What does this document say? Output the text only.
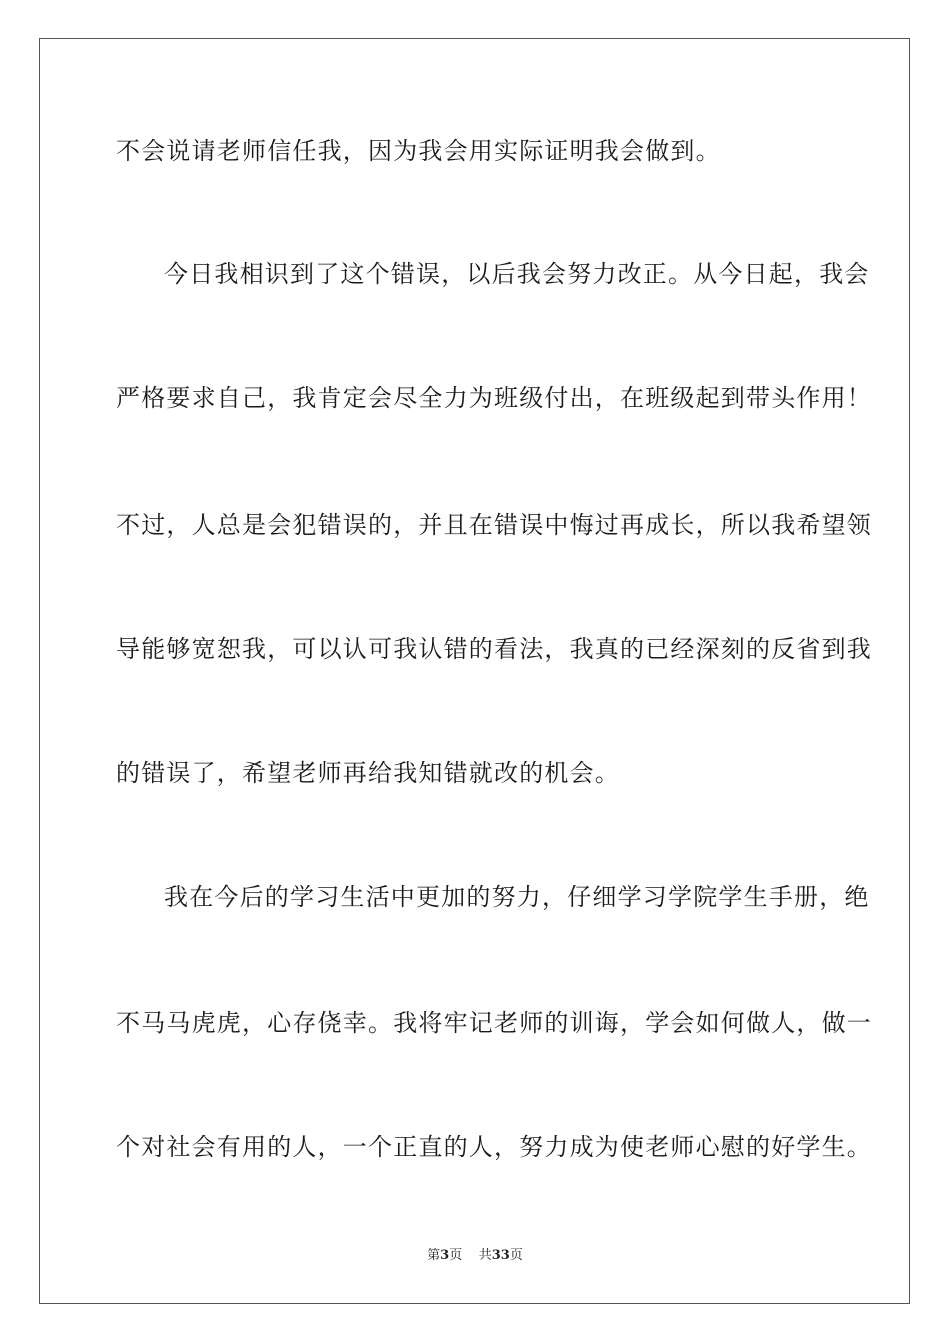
不会说请老师信任我，因为我会用实际证明我会做到。
今日我相识到了这个错误，以后我会努力改正。从今日起，我会
严格要求自己，我肯定会尽全力为班级付出，在班级起到带头作用！
不过，人总是会犯错误的，并且在错误中悔过再成长，所以我希望领
导能够宽恕我，可以认可我认错的看法，我真的已经深刻的反省到我
的错误了，希望老师再给我知错就改的机会。
我在今后的学习生活中更加的努力，仔细学习学院学生手册，绝
不马马虎虎，心存侥幸。我将牢记老师的训诲，学会如何做人，做一
个对社会有用的人，一个正直的人，努力成为使老师心慰的好学生。
第3页 共33页
